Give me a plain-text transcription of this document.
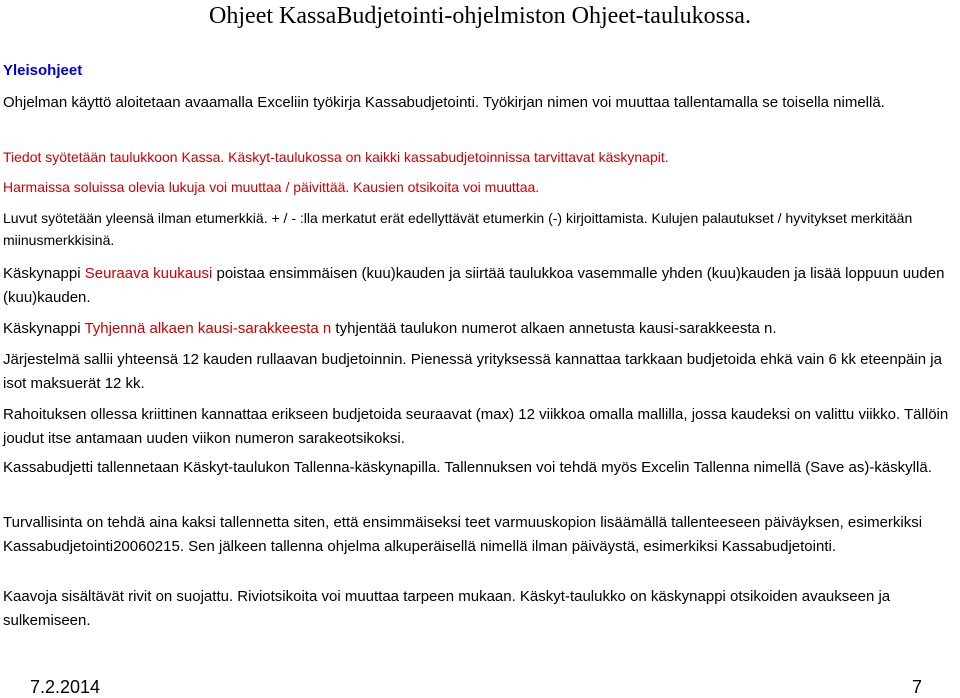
Ohjeet KassaBudjetointi-ohjelmiston Ohjeet-taulukossa.
Yleisohjeet

Ohjelman käyttö aloitetaan avaamalla Exceliin työkirja Kassabudjetointi. Työkirjan nimen voi muuttaa tallentamalla se toisella nimellä.

Tiedot syötetään taulukkoon Kassa. Käskyt-taulukossa on kaikki kassabudjetoinnissa tarvittavat käskynapit.

Harmaissa soluissa olevia lukuja voi muuttaa / päivittää. Kausien otsikoita voi muuttaa.

Luvut syötetään yleensä ilman etumerkkiä. + / - :lla merkatut erät edellyttävät etumerkin (-) kirjoittamista. Kulujen palautukset / hyvitykset merkitään miinusmerkkisinä.

Käskynappi Seuraava kuukausi poistaa ensimmäisen (kuu)kauden ja siirtää taulukkoa vasemmalle yhden (kuu)kauden ja lisää loppuun uuden (kuu)kauden.

Käskynappi Tyhjennä alkaen kausi-sarakkeesta n tyhjentää taulukon numerot alkaen annetusta kausi-sarakkeesta n.

Järjestelmä sallii yhteensä 12 kauden rullaavan budjetoinnin. Pienessä yrityksessä kannattaa tarkkaan budjetoida ehkä vain 6 kk eteenpäin ja isot maksuerät 12 kk.

Rahoituksen ollessa kriittinen kannattaa erikseen budjetoida seuraavat (max) 12 viikkoa omalla mallilla, jossa kaudeksi on valittu viikko. Tällöin joudut itse antamaan uuden viikon numeron sarakeotsikoksi.

Kassabudjetti tallennetaan Käskyt-taulukon Tallenna-käskynapilla. Tallennuksen voi tehdä myös Excelin Tallenna nimellä (Save as)-käskyllä.

Turvallisinta on tehdä aina kaksi tallennetta siten, että ensimmäiseksi teet varmuuskopion lisäämällä tallenteeseen päiväyksen, esimerkiksi Kassabudjetointi20060215. Sen jälkeen tallenna ohjelma alkuperäisellä nimellä ilman päiväystä, esimerkiksi Kassabudjetointi.

Kaavoja sisältävät rivit on suojattu. Riviotsikoita voi muuttaa tarpeen mukaan. Käskyt-taulukko on käskynappi otsikoiden avaukseen ja sulkemiseen.

7.2.2014	7
